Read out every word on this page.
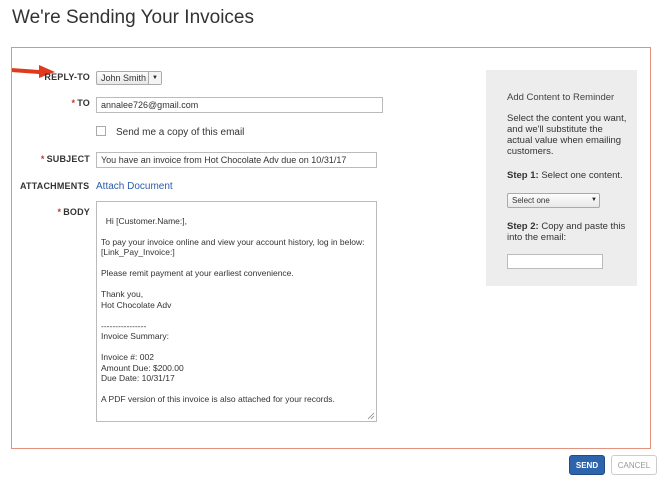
We're Sending Your Invoices
REPLY-TO	John Smith ▼
* TO	annalee726@gmail.com
Send me a copy of this email
* SUBJECT	You have an invoice from Hot Chocolate Adv due on 10/31/17
ATTACHMENTS Attach Document
* BODY

Hi [Customer.Name:],

To pay your invoice online and view your account history, log in below:
[Link_Pay_Invoice:]

Please remit payment at your earliest convenience.

Thank you,
Hot Chocolate Adv

----------------
Invoice Summary:

Invoice #: 002
Amount Due: $200.00
Due Date: 10/31/17

A PDF version of this invoice is also attached for your records.

Add Content to Reminder
Select the content you want, and we'll substitute the actual value when emailing customers.
Step 1: Select one content.
Select one	▼
Step 2: Copy and paste this into the email:
SEND	CANCEL
